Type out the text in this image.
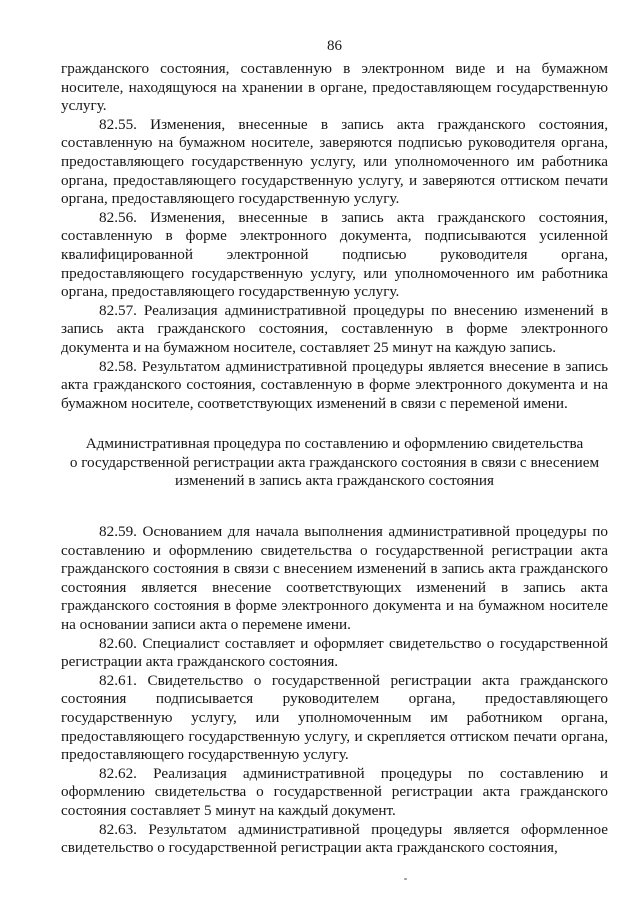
86

гражданского состояния, составленную в электронном виде и на бумажном носителе, находящуюся на хранении в органе, предоставляющем государственную услугу.

82.55. Изменения, внесенные в запись акта гражданского состояния, составленную на бумажном носителе, заверяются подписью руководителя органа, предоставляющего государственную услугу, или уполномоченного им работника органа, предоставляющего государственную услугу, и заверяются оттиском печати органа, предоставляющего государственную услугу.

82.56. Изменения, внесенные в запись акта гражданского состояния, составленную в форме электронного документа, подписываются усиленной квалифицированной электронной подписью руководителя органа, предоставляющего государственную услугу, или уполномоченного им работника органа, предоставляющего государственную услугу.

82.57. Реализация административной процедуры по внесению изменений в запись акта гражданского состояния, составленную в форме электронного документа и на бумажном носителе, составляет 25 минут на каждую запись.

82.58. Результатом административной процедуры является внесение в запись акта гражданского состояния, составленную в форме электронного документа и на бумажном носителе, соответствующих изменений в связи с переменой имени.

Административная процедура по составлению и оформлению свидетельства
о государственной регистрации акта гражданского состояния в связи с внесением
изменений в запись акта гражданского состояния

82.59. Основанием для начала выполнения административной процедуры по составлению и оформлению свидетельства о государственной регистрации акта гражданского состояния в связи с внесением изменений в запись акта гражданского состояния является внесение соответствующих изменений в запись акта гражданского состояния в форме электронного документа и на бумажном носителе на основании записи акта о перемене имени.

82.60. Специалист составляет и оформляет свидетельство о государственной регистрации акта гражданского состояния.

82.61. Свидетельство о государственной регистрации акта гражданского состояния подписывается руководителем органа, предоставляющего государственную услугу, или уполномоченным им работником органа, предоставляющего государственную услугу, и скрепляется оттиском печати органа, предоставляющего государственную услугу.

82.62. Реализация административной процедуры по составлению и оформлению свидетельства о государственной регистрации акта гражданского состояния составляет 5 минут на каждый документ.

82.63. Результатом административной процедуры является оформленное свидетельство о государственной регистрации акта гражданского состояния,
